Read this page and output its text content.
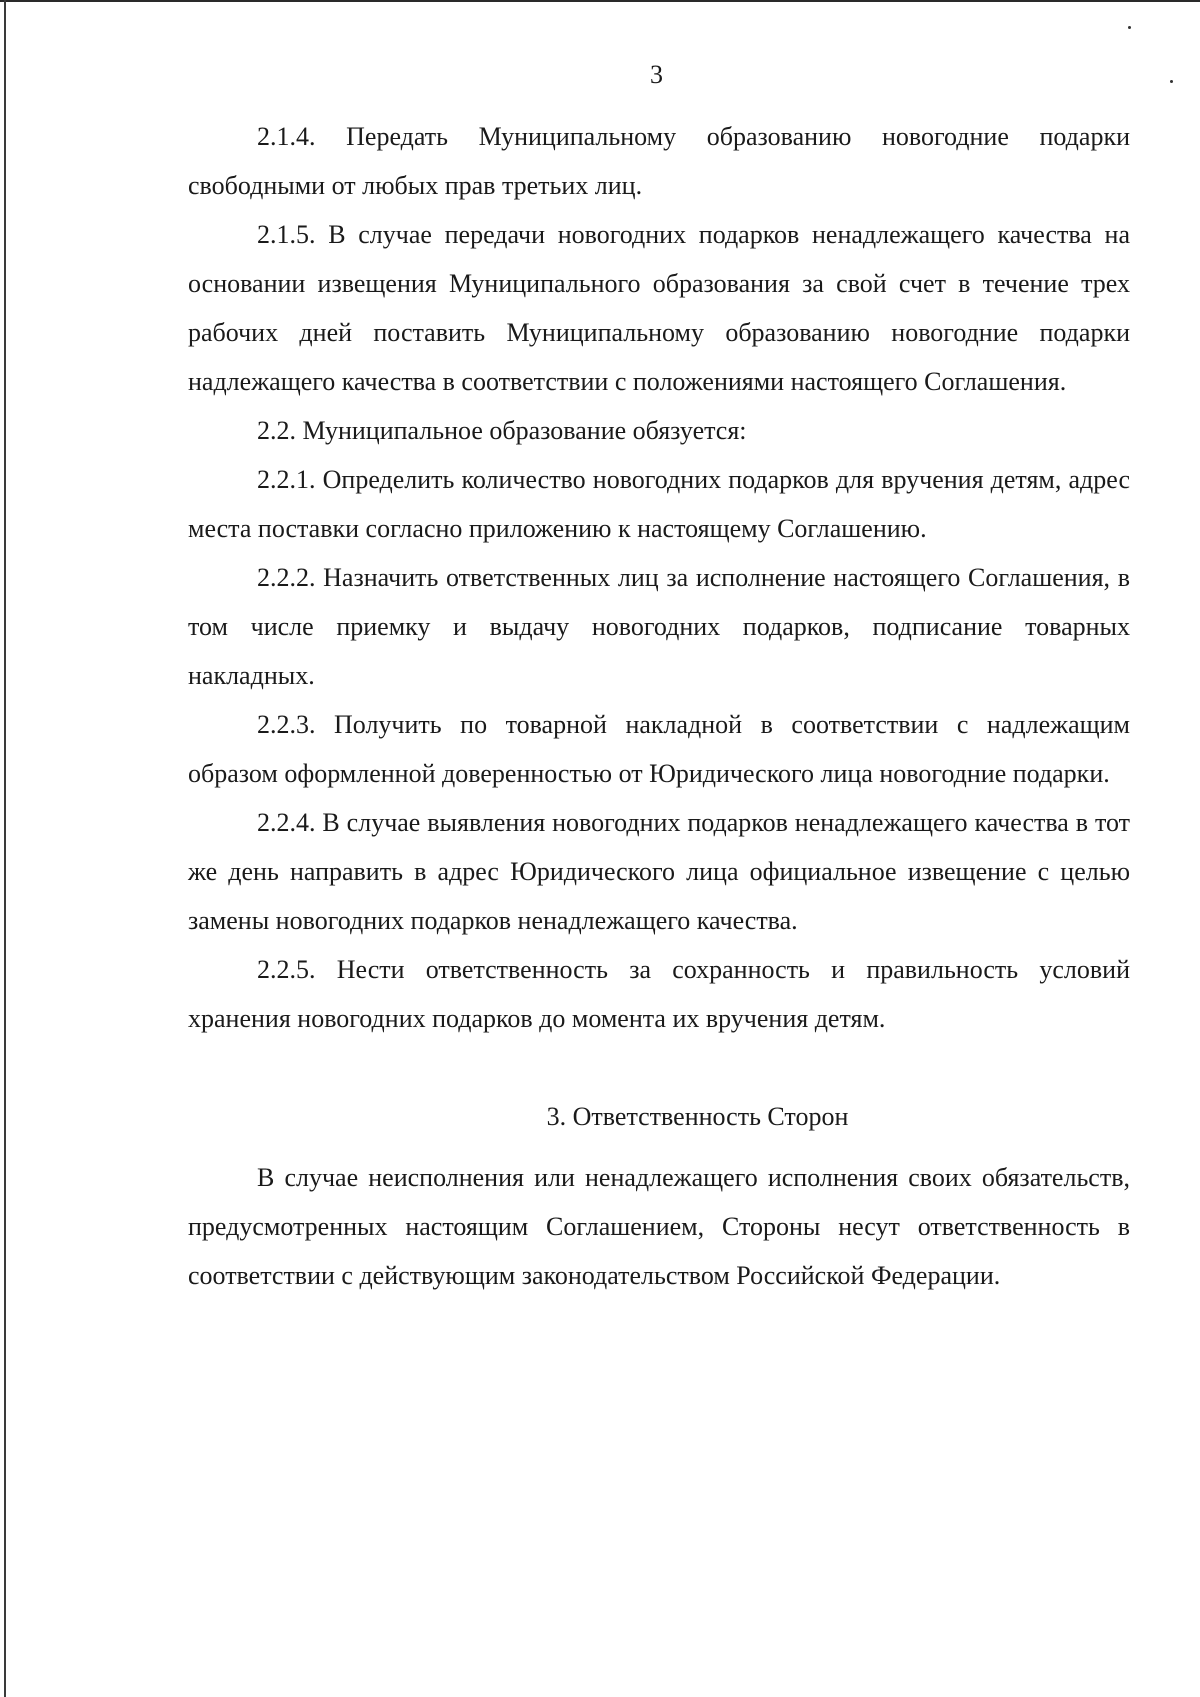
3

2.1.4. Передать Муниципальному образованию новогодние подарки свободными от любых прав третьих лиц.

2.1.5. В случае передачи новогодних подарков ненадлежащего качества на основании извещения Муниципального образования за свой счет в течение трех рабочих дней поставить Муниципальному образованию новогодние подарки надлежащего качества в соответствии с положениями настоящего Соглашения.

2.2. Муниципальное образование обязуется:

2.2.1. Определить количество новогодних подарков для вручения детям, адрес места поставки согласно приложению к настоящему Соглашению.

2.2.2. Назначить ответственных лиц за исполнение настоящего Соглашения, в том числе приемку и выдачу новогодних подарков, подписание товарных накладных.

2.2.3. Получить по товарной накладной в соответствии с надлежащим образом оформленной доверенностью от Юридического лица новогодние подарки.

2.2.4. В случае выявления новогодних подарков ненадлежащего качества в тот же день направить в адрес Юридического лица официальное извещение с целью замены новогодних подарков ненадлежащего качества.

2.2.5. Нести ответственность за сохранность и правильность условий хранения новогодних подарков до момента их вручения детям.

3. Ответственность Сторон

В случае неисполнения или ненадлежащего исполнения своих обязательств, предусмотренных настоящим Соглашением, Стороны несут ответственность в соответствии с действующим законодательством Российской Федерации.
